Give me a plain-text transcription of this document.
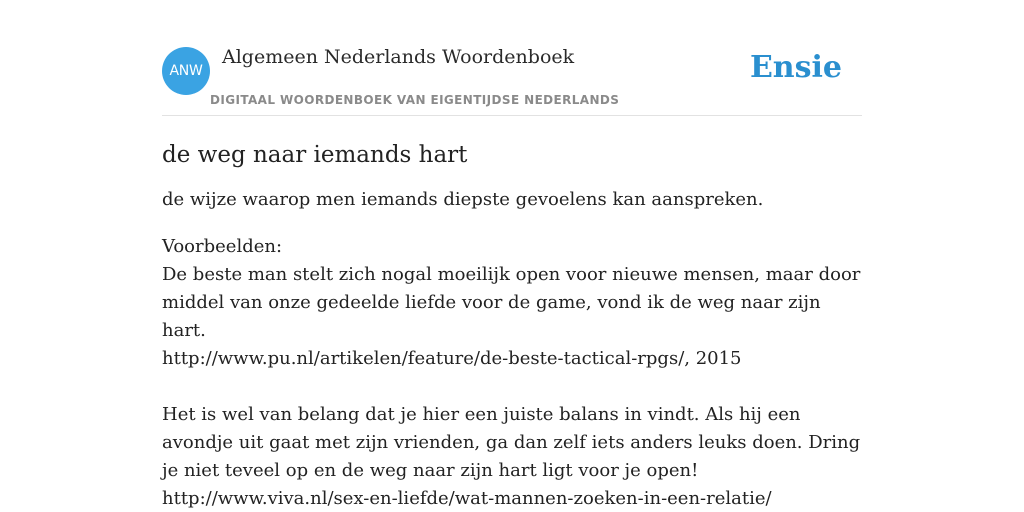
ANW
Algemeen Nederlands Woordenboek
DIGITAAL WOORDENBOEK VAN EIGENTIJDSE NEDERLANDS
Ensie
de weg naar iemands hart

de wijze waarop men iemands diepste gevoelens kan aanspreken.

Voorbeelden:

De beste man stelt zich nogal moeilijk open voor nieuwe mensen, maar door middel van onze gedeelde liefde voor de game, vond ik de weg naar zijn hart.

http://www.pu.nl/artikelen/feature/de-beste-tactical-rpgs/, 2015

Het is wel van belang dat je hier een juiste balans in vindt. Als hij een avondje uit gaat met zijn vrienden, ga dan zelf iets anders leuks doen. Dring je niet teveel op en de weg naar zijn hart ligt voor je open!

http://www.viva.nl/sex-en-liefde/wat-mannen-zoeken-in-een-relatie/
